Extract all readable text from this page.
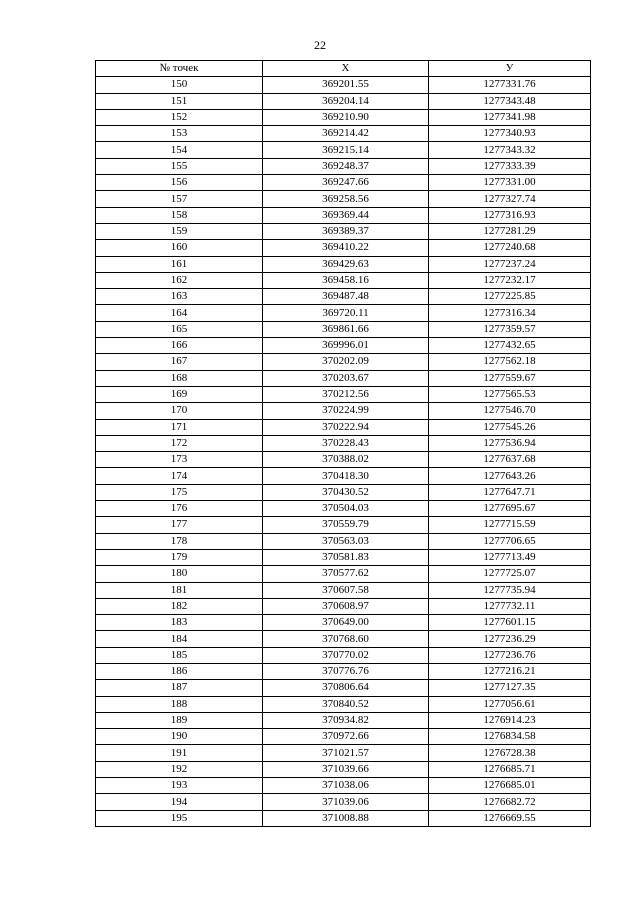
22
№ точек	X	У
150	369201.55	1277331.76
151	369204.14	1277343.48
152	369210.90	1277341.98
153	369214.42	1277340.93
154	369215.14	1277343.32
155	369248.37	1277333.39
156	369247.66	1277331.00
157	369258.56	1277327.74
158	369369.44	1277316.93
159	369389.37	1277281.29
160	369410.22	1277240.68
161	369429.63	1277237.24
162	369458.16	1277232.17
163	369487.48	1277225.85
164	369720.11	1277316.34
165	369861.66	1277359.57
166	369996.01	1277432.65
167	370202.09	1277562.18
168	370203.67	1277559.67
169	370212.56	1277565.53
170	370224.99	1277546.70
171	370222.94	1277545.26
172	370228.43	1277536.94
173	370388.02	1277637.68
174	370418.30	1277643.26
175	370430.52	1277647.71
176	370504.03	1277695.67
177	370559.79	1277715.59
178	370563.03	1277706.65
179	370581.83	1277713.49
180	370577.62	1277725.07
181	370607.58	1277735.94
182	370608.97	1277732.11
183	370649.00	1277601.15
184	370768.60	1277236.29
185	370770.02	1277236.76
186	370776.76	1277216.21
187	370806.64	1277127.35
188	370840.52	1277056.61
189	370934.82	1276914.23
190	370972.66	1276834.58
191	371021.57	1276728.38
192	371039.66	1276685.71
193	371038.06	1276685.01
194	371039.06	1276682.72
195	371008.88	1276669.55
